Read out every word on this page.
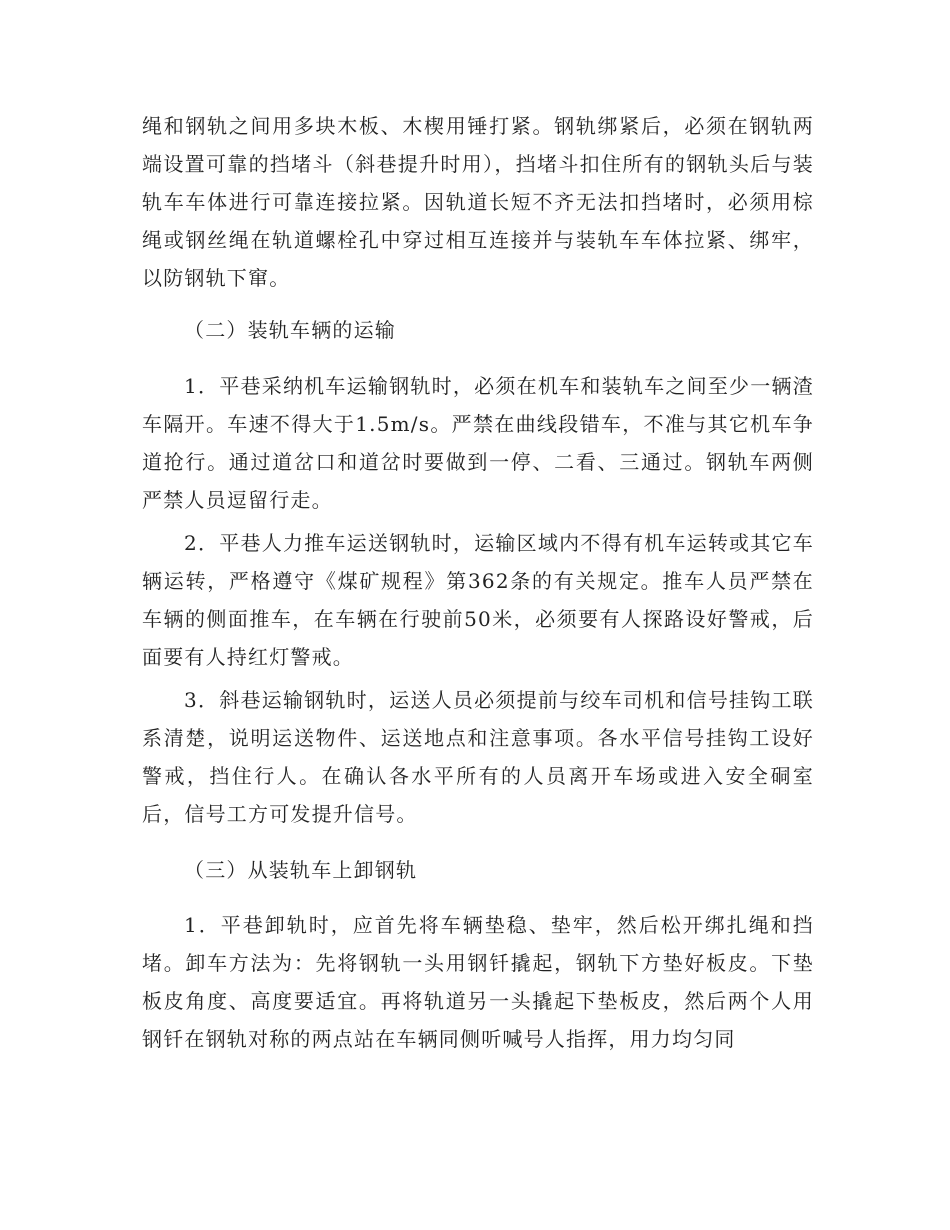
绳和钢轨之间用多块木板、木楔用锤打紧。钢轨绑紧后，必须在钢轨两端设置可靠的挡堵斗（斜巷提升时用），挡堵斗扣住所有的钢轨头后与装轨车车体进行可靠连接拉紧。因轨道长短不齐无法扣挡堵时，必须用棕绳或钢丝绳在轨道螺栓孔中穿过相互连接并与装轨车车体拉紧、绑牢，以防钢轨下窜。

（二）装轨车辆的运输

1．平巷采纳机车运输钢轨时，必须在机车和装轨车之间至少一辆渣车隔开。车速不得大于1.5m/s。严禁在曲线段错车，不准与其它机车争道抢行。通过道岔口和道岔时要做到一停、二看、三通过。钢轨车两侧严禁人员逗留行走。

2．平巷人力推车运送钢轨时，运输区域内不得有机车运转或其它车辆运转，严格遵守《煤矿规程》第362条的有关规定。推车人员严禁在车辆的侧面推车，在车辆在行驶前50米，必须要有人探路设好警戒，后面要有人持红灯警戒。

3．斜巷运输钢轨时，运送人员必须提前与绞车司机和信号挂钩工联系清楚，说明运送物件、运送地点和注意事项。各水平信号挂钩工设好警戒，挡住行人。在确认各水平所有的人员离开车场或进入安全硐室后，信号工方可发提升信号。

（三）从装轨车上卸钢轨

1．平巷卸轨时，应首先将车辆垫稳、垫牢，然后松开绑扎绳和挡堵。卸车方法为：先将钢轨一头用钢钎撬起，钢轨下方垫好板皮。下垫板皮角度、高度要适宜。再将轨道另一头撬起下垫板皮，然后两个人用钢钎在钢轨对称的两点站在车辆同侧听喊号人指挥，用力均匀同
